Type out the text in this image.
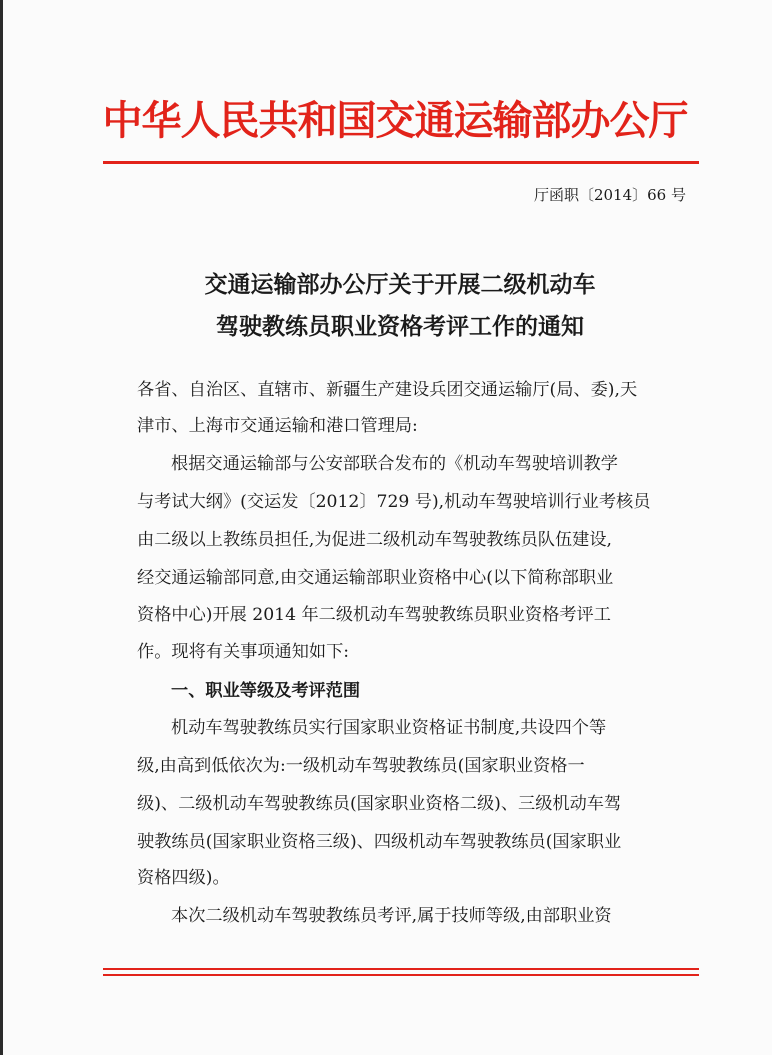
中华人民共和国交通运输部办公厅
厅函职〔2014〕66 号
交通运输部办公厅关于开展二级机动车
驾驶教练员职业资格考评工作的通知
各省、自治区、直辖市、新疆生产建设兵团交通运输厅(局、委),天
津市、上海市交通运输和港口管理局:
根据交通运输部与公安部联合发布的《机动车驾驶培训教学
与考试大纲》(交运发〔2012〕729 号),机动车驾驶培训行业考核员
由二级以上教练员担任,为促进二级机动车驾驶教练员队伍建设,
经交通运输部同意,由交通运输部职业资格中心(以下简称部职业
资格中心)开展 2014 年二级机动车驾驶教练员职业资格考评工
作。现将有关事项通知如下:
一、职业等级及考评范围
机动车驾驶教练员实行国家职业资格证书制度,共设四个等
级,由高到低依次为:一级机动车驾驶教练员(国家职业资格一
级)、二级机动车驾驶教练员(国家职业资格二级)、三级机动车驾
驶教练员(国家职业资格三级)、四级机动车驾驶教练员(国家职业
资格四级)。
本次二级机动车驾驶教练员考评,属于技师等级,由部职业资
